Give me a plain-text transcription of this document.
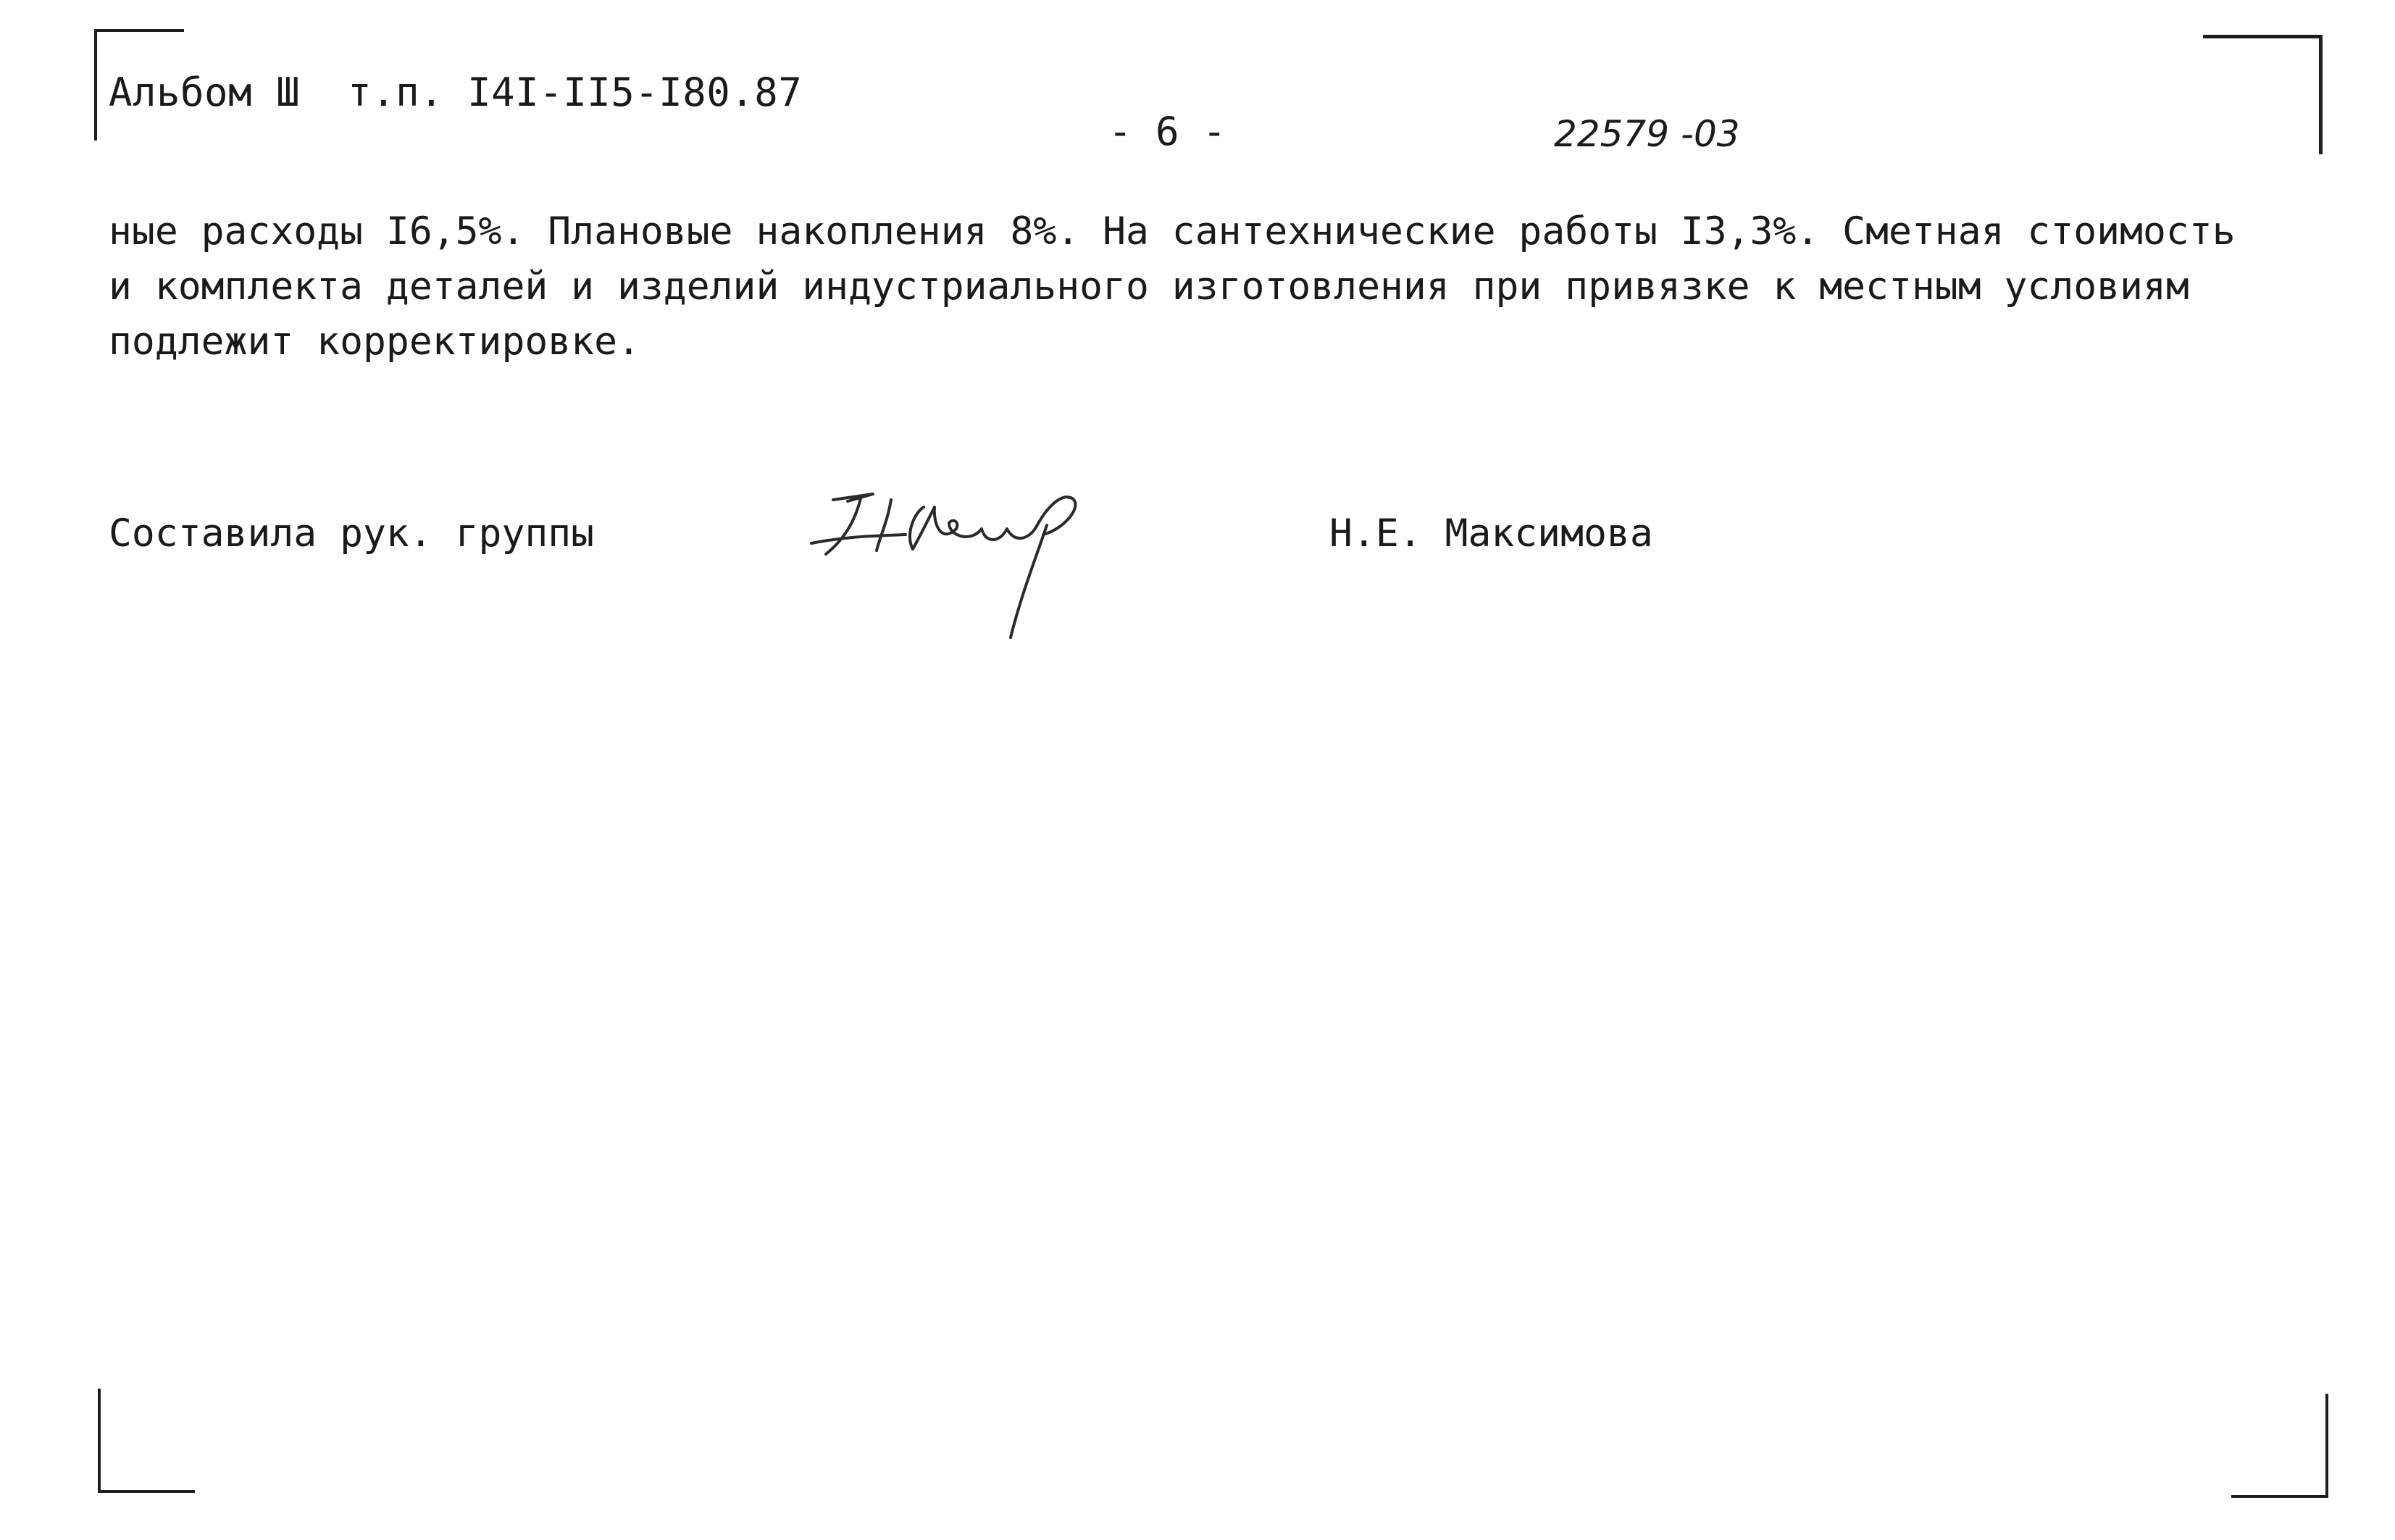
Альбом Ш  т.п. I4I-II5-I80.87
- 6 -	22579 -03
ные расходы I6,5%. Плановые накопления 8%. На сантехнические работы I3,3%. Сметная стоимость
и комплекта деталей и изделий индустриального изготовления при привязке к местным условиям
подлежит корректировке.
Составила рук. группы	Н.Е. Максимова
